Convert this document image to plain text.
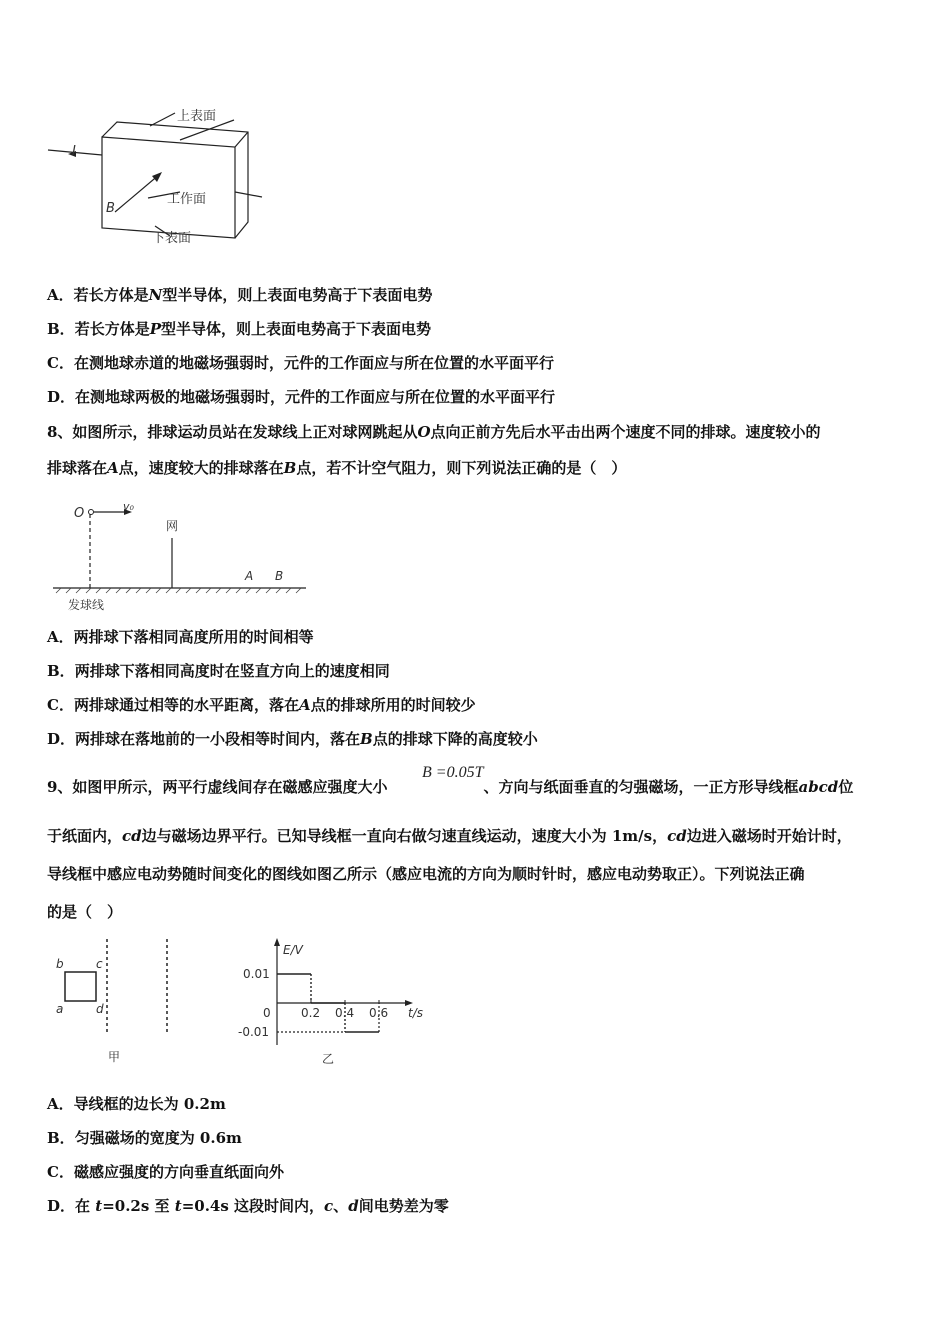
上表面
工作面
下表面
I
B
A．若长方体是N型半导体，则上表面电势高于下表面电势
B．若长方体是P型半导体，则上表面电势高于下表面电势
C．在测地球赤道的地磁场强弱时，元件的工作面应与所在位置的水平面平行
D．在测地球两极的地磁场强弱时，元件的工作面应与所在位置的水平面平行
8、如图所示，排球运动员站在发球线上正对球网跳起从O点向正前方先后水平击出两个速度不同的排球。速度较小的
排球落在A点，速度较大的排球落在B点，若不计空气阻力，则下列说法正确的是（　）
O	v₀
网
A B
发球线
A．两排球下落相同高度所用的时间相等
B．两排球下落相同高度时在竖直方向上的速度相同
C．两排球通过相等的水平距离，落在A点的排球所用的时间较少
D．两排球在落地前的一小段相等时间内，落在B点的排球下降的高度较小
9、如图甲所示，两平行虚线间存在磁感应强度大小	、方向与纸面垂直的匀强磁场，一正方形导线框abcd位
B =0.05T
于纸面内，cd边与磁场边界平行。已知导线框一直向右做匀速直线运动，速度大小为 1m/s，cd边进入磁场时开始计时，
导线框中感应电动势随时间变化的图线如图乙所示（感应电流的方向为顺时针时，感应电动势取正）。下列说法正确
的是（　）
b	c
a	d
甲
E/V
t/s
0	0.2 0.4 0.6
0.01
-0.01
乙
A．导线框的边长为 0.2m
B．匀强磁场的宽度为 0.6m
C．磁感应强度的方向垂直纸面向外
D．在 t=0.2s 至 t=0.4s 这段时间内，c、d间电势差为零
